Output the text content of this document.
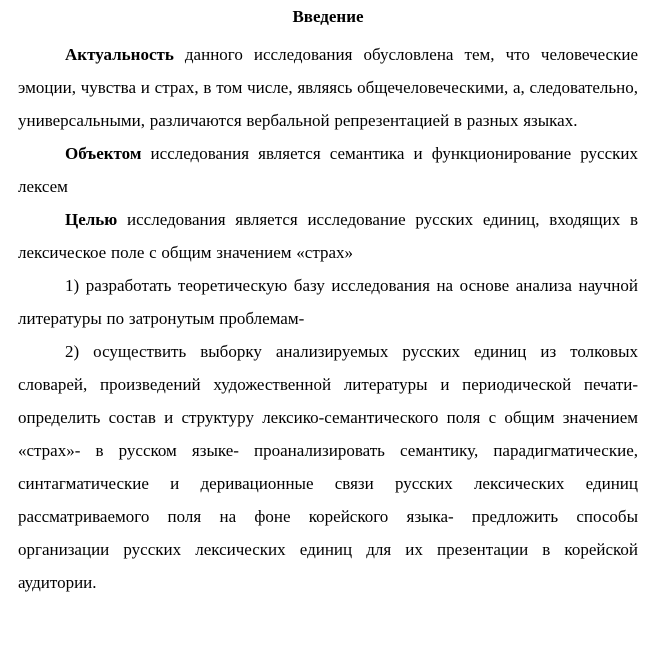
Введение

Актуальность данного исследования обусловлена тем, что человеческие эмоции, чувства и страх, в том числе, являясь общечеловеческими, а, следовательно, универсальными, различаются вербальной репрезентацией в разных языках.

Объектом исследования является семантика и функционирование русских лексем

Целью исследования является исследование русских единиц, входящих в лексическое поле с общим значением «страх»

1) разработать теоретическую базу исследования на основе анализа научной литературы по затронутым проблемам-

2) осуществить выборку анализируемых русских единиц из толковых словарей, произведений художественной литературы и периодической печати- определить состав и структуру лексико-семантического поля с общим значением «страх»- в русском языке- проанализировать семантику, парадигматические, синтагматические и деривационные связи русских лексических единиц рассматриваемого поля на фоне корейского языка- предложить способы организации русских лексических единиц для их презентации в корейской аудитории.
